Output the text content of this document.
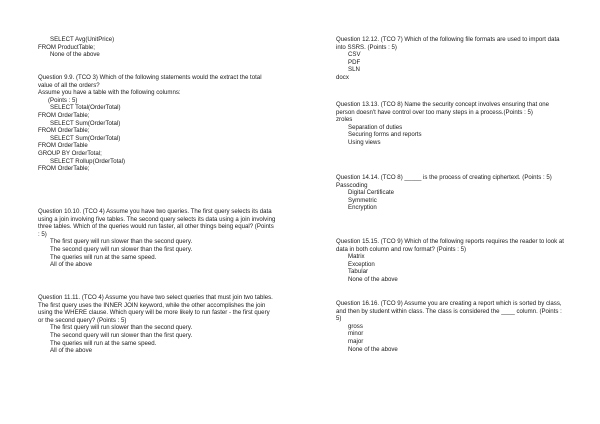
SELECT Avg(UnitPrice)
FROM ProductTable;
None of the above
Question 9.9. (TCO 3) Which of the following statements would the extract the total value of all the orders?
Assume you have a table with the following columns:
(Points : 5)
SELECT Total(OrderTotal)
FROM OrderTable;
SELECT Sum(OrderTotal)
FROM OrderTable;
SELECT Sum(OrderTotal)
FROM OrderTable
GROUP BY OrderTotal;
SELECT Rollup(OrderTotal)
FROM OrderTable;
Question 10.10. (TCO 4) Assume you have two queries. The first query selects its data using a join involving five tables. The second query selects its data using a join involving three tables. Which of the queries would run faster, all other things being equal? (Points : 5)
The first query will run slower than the second query.
The second query will run slower than the first query.
The queries will run at the same speed.
All of the above
Question 11.11. (TCO 4) Assume you have two select queries that must join two tables. The first query uses the INNER JOIN keyword, while the other accomplishes the join using the WHERE clause. Which query will be more likely to run faster - the first query or the second query? (Points : 5)
The first query will run slower than the second query.
The second query will run slower than the first query.
The queries will run at the same speed.
All of the above
Question 12.12. (TCO 7) Which of the following file formats are used to import data into SSRS. (Points : 5)
CSV
PDF
SLN
docx
Question 13.13. (TCO 8) Name the security concept involves ensuring that one person doesn't have control over too many steps in a process.(Points : 5)
zroles
Separation of duties
Securing forms and reports
Using views
Question 14.14. (TCO 8) _____ is the process of creating ciphertext. (Points : 5)
Passcoding
Digital Certificate
Symmetric
Encryption
Question 15.15. (TCO 9) Which of the following reports requires the reader to look at data in both column and row format? (Points : 5)
Matrix
Exception
Tabular
None of the above
Question 16.16. (TCO 9) Assume you are creating a report which is sorted by class, and then by student within class. The class is considered the ____ column. (Points : 5)
gross
minor
major
None of the above
